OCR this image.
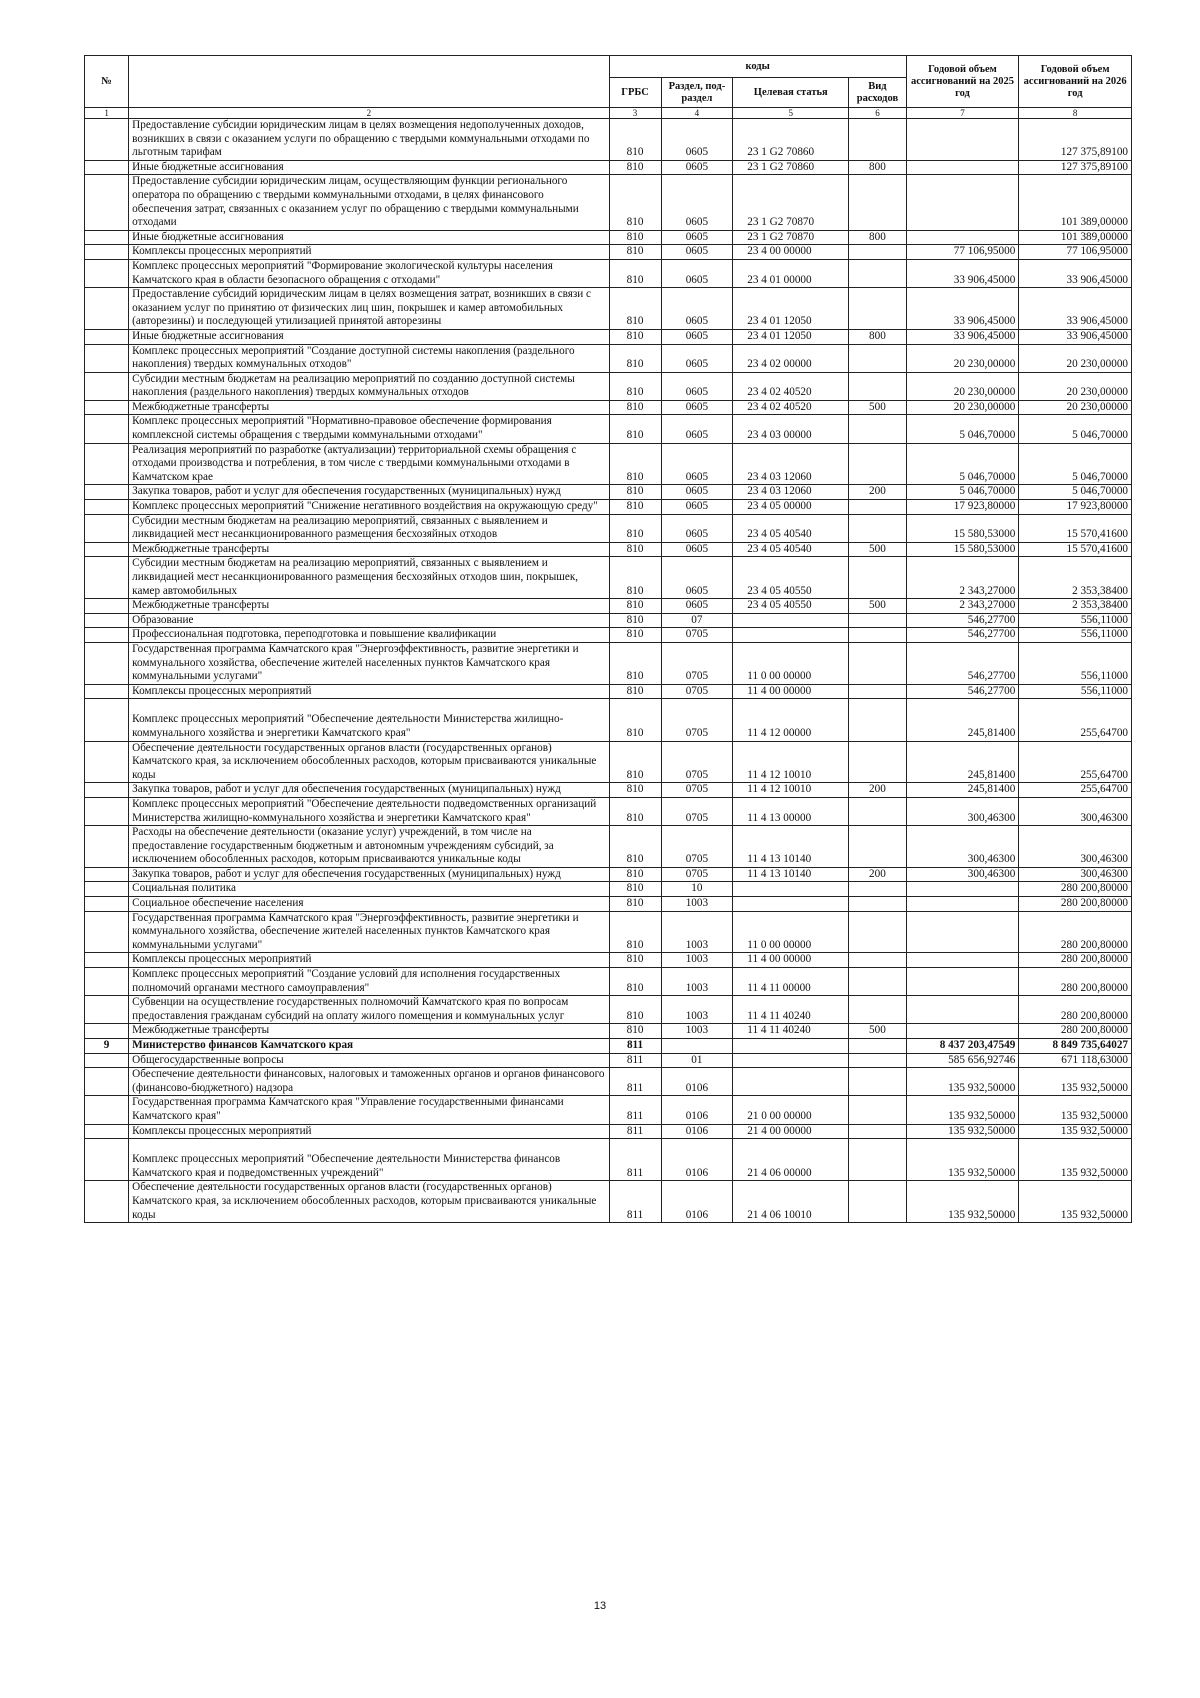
№		коды				Годовой объем ассигнований на 2025 год	Годовой объем ассигнований на 2026 год
		ГРБС	Раздел, под-раздел	Целевая статья	Вид расходов		
1	2	3	4	5	6	7	8
	Предоставление субсидии юридическим лицам в целях возмещения недополученных доходов, возникших в связи с оказанием услуги по обращению с твердыми коммунальными отходами по льготным тарифам	810	0605	23 1 G2 70860			127 375,89100
	Иные бюджетные ассигнования	810	0605	23 1 G2 70860	800		127 375,89100
	Предоставление субсидии юридическим лицам, осуществляющим функции регионального оператора по обращению с твердыми коммунальными отходами, в целях финансового обеспечения затрат, связанных с оказанием услуг по обращению с твердыми коммунальными отходами	810	0605	23 1 G2 70870			101 389,00000
	Иные бюджетные ассигнования	810	0605	23 1 G2 70870	800		101 389,00000
	Комплексы процессных мероприятий	810	0605	23 4 00 00000		77 106,95000	77 106,95000
	Комплекс процессных мероприятий "Формирование экологической культуры населения Камчатского края в области безопасного обращения с отходами"	810	0605	23 4 01 00000		33 906,45000	33 906,45000
	Предоставление субсидий юридическим лицам в целях возмещения затрат, возникших в связи с оказанием услуг по принятию от физических лиц шин, покрышек и камер автомобильных (авторезины) и последующей утилизацией принятой авторезины	810	0605	23 4 01 12050		33 906,45000	33 906,45000
	Иные бюджетные ассигнования	810	0605	23 4 01 12050	800	33 906,45000	33 906,45000
	Комплекс процессных мероприятий "Создание доступной системы накопления (раздельного накопления) твердых коммунальных отходов"	810	0605	23 4 02 00000		20 230,00000	20 230,00000
	Субсидии местным бюджетам на реализацию мероприятий по созданию доступной системы накопления (раздельного накопления) твердых коммунальных отходов	810	0605	23 4 02 40520		20 230,00000	20 230,00000
	Межбюджетные трансферты	810	0605	23 4 02 40520	500	20 230,00000	20 230,00000
	Комплекс процессных мероприятий "Нормативно-правовое обеспечение формирования комплексной системы обращения с твердыми коммунальными отходами"	810	0605	23 4 03 00000		5 046,70000	5 046,70000
	Реализация мероприятий по разработке (актуализации) территориальной схемы обращения с отходами производства и потребления, в том числе с твердыми коммунальными отходами в Камчатском крае	810	0605	23 4 03 12060		5 046,70000	5 046,70000
	Закупка товаров, работ и услуг для обеспечения государственных (муниципальных) нужд	810	0605	23 4 03 12060	200	5 046,70000	5 046,70000
	Комплекс процессных мероприятий "Снижение негативного воздействия на окружающую среду"	810	0605	23 4 05 00000		17 923,80000	17 923,80000
	Субсидии местным бюджетам на реализацию мероприятий, связанных с выявлением и ликвидацией мест несанкционированного размещения бесхозяйных отходов	810	0605	23 4 05 40540		15 580,53000	15 570,41600
	Межбюджетные трансферты	810	0605	23 4 05 40540	500	15 580,53000	15 570,41600
	Субсидии местным бюджетам на реализацию мероприятий, связанных с выявлением и ликвидацией мест несанкционированного размещения бесхозяйных отходов шин, покрышек, камер автомобильных	810	0605	23 4 05 40550		2 343,27000	2 353,38400
	Межбюджетные трансферты	810	0605	23 4 05 40550	500	2 343,27000	2 353,38400
	Образование	810	07			546,27700	556,11000
	Профессиональная подготовка, переподготовка и повышение квалификации	810	0705			546,27700	556,11000
	Государственная программа Камчатского края "Энергоэффективность, развитие энергетики и коммунального хозяйства, обеспечение жителей населенных пунктов Камчатского края коммунальными услугами"	810	0705	11 0 00 00000		546,27700	556,11000
	Комплексы процессных мероприятий	810	0705	11 4 00 00000		546,27700	556,11000
	Комплекс процессных мероприятий "Обеспечение деятельности Министерства жилищно-коммунального хозяйства и энергетики Камчатского края"	810	0705	11 4 12 00000		245,81400	255,64700
	Обеспечение деятельности государственных органов власти (государственных органов) Камчатского края, за исключением обособленных расходов, которым присваиваются уникальные коды	810	0705	11 4 12 10010		245,81400	255,64700
	Закупка товаров, работ и услуг для обеспечения государственных (муниципальных) нужд	810	0705	11 4 12 10010	200	245,81400	255,64700
	Комплекс процессных мероприятий "Обеспечение деятельности подведомственных организаций Министерства жилищно-коммунального хозяйства и энергетики Камчатского края"	810	0705	11 4 13 00000		300,46300	300,46300
	Расходы на обеспечение деятельности (оказание услуг) учреждений, в том числе на предоставление государственным бюджетным и автономным учреждениям субсидий, за исключением обособленных расходов, которым присваиваются уникальные коды	810	0705	11 4 13 10140		300,46300	300,46300
	Закупка товаров, работ и услуг для обеспечения государственных (муниципальных) нужд	810	0705	11 4 13 10140	200	300,46300	300,46300
	Социальная политика	810	10				280 200,80000
	Социальное обеспечение населения	810	1003				280 200,80000
	Государственная программа Камчатского края "Энергоэффективность, развитие энергетики и коммунального хозяйства, обеспечение жителей населенных пунктов Камчатского края коммунальными услугами"	810	1003	11 0 00 00000			280 200,80000
	Комплексы процессных мероприятий	810	1003	11 4 00 00000			280 200,80000
	Комплекс процессных мероприятий "Создание условий для исполнения государственных полномочий органами местного самоуправления"	810	1003	11 4 11 00000			280 200,80000
	Субвенции на осуществление государственных полномочий Камчатского края по вопросам предоставления гражданам субсидий на оплату жилого помещения и коммунальных услуг	810	1003	11 4 11 40240			280 200,80000
	Межбюджетные трансферты	810	1003	11 4 11 40240	500		280 200,80000
9	Министерство финансов Камчатского края	811				8 437 203,47549	8 849 735,64027
	Общегосударственные вопросы	811	01			585 656,92746	671 118,63000
	Обеспечение деятельности финансовых, налоговых и таможенных органов и органов финансового (финансово-бюджетного) надзора	811	0106			135 932,50000	135 932,50000
	Государственная программа Камчатского края "Управление государственными финансами Камчатского края"	811	0106	21 0 00 00000		135 932,50000	135 932,50000
	Комплексы процессных мероприятий	811	0106	21 4 00 00000		135 932,50000	135 932,50000
	Комплекс процессных мероприятий "Обеспечение деятельности Министерства финансов Камчатского края и подведомственных учреждений"	811	0106	21 4 06 00000		135 932,50000	135 932,50000
	Обеспечение деятельности государственных органов власти (государственных органов) Камчатского края, за исключением обособленных расходов, которым присваиваются уникальные коды	811	0106	21 4 06 10010		135 932,50000	135 932,50000
13
